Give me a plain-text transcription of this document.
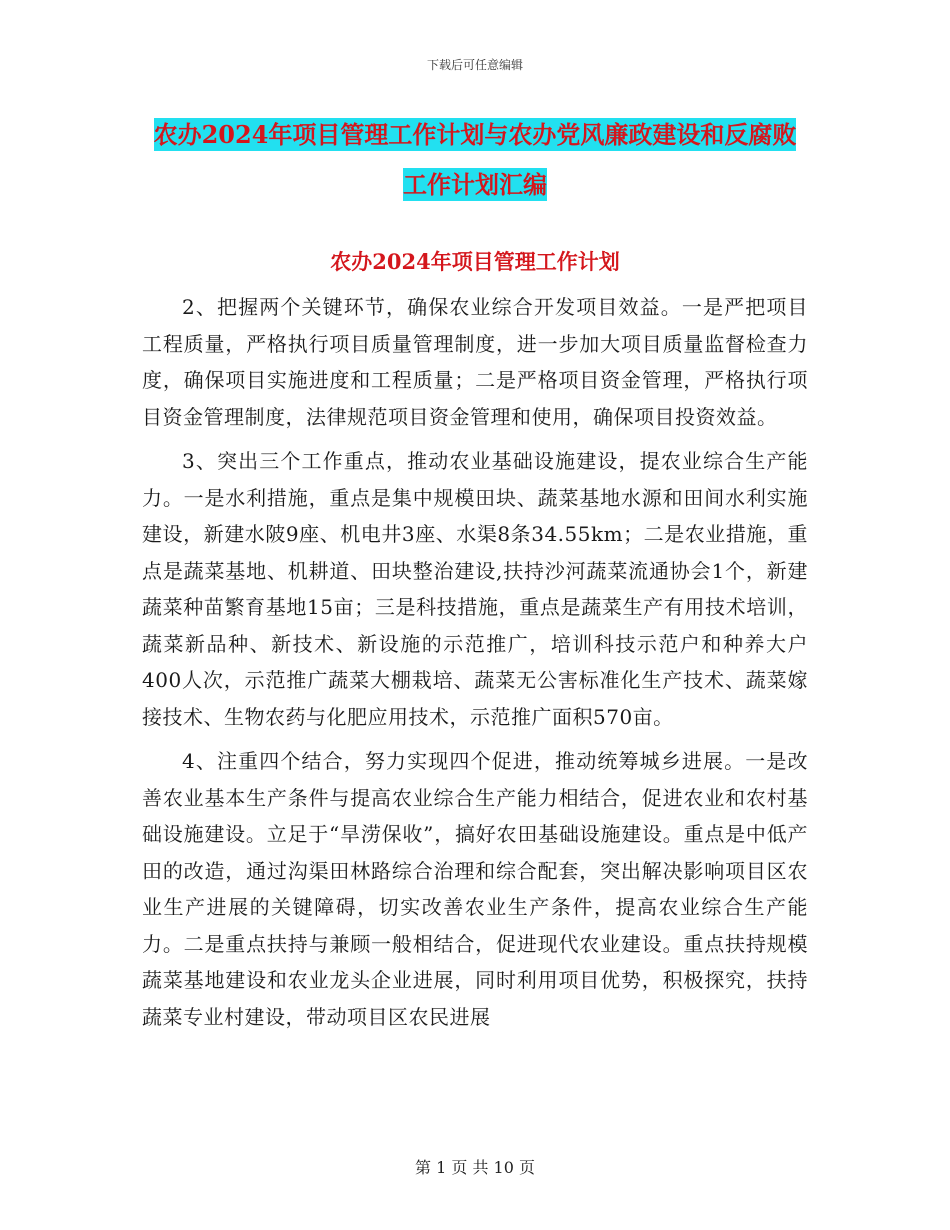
下载后可任意编辑
农办2024年项目管理工作计划与农办党风廉政建设和反腐败工作计划汇编
农办2024年项目管理工作计划

2、把握两个关键环节，确保农业综合开发项目效益。一是严把项目工程质量，严格执行项目质量管理制度，进一步加大项目质量监督检查力度，确保项目实施进度和工程质量；二是严格项目资金管理，严格执行项目资金管理制度，法律规范项目资金管理和使用，确保项目投资效益。

3、突出三个工作重点，推动农业基础设施建设，提农业综合生产能力。一是水利措施，重点是集中规模田块、蔬菜基地水源和田间水利实施建设，新建水陂9座、机电井3座、水渠8条34.55km；二是农业措施，重点是蔬菜基地、机耕道、田块整治建设,扶持沙河蔬菜流通协会1个，新建蔬菜种苗繁育基地15亩；三是科技措施，重点是蔬菜生产有用技术培训，蔬菜新品种、新技术、新设施的示范推广，培训科技示范户和种养大户400人次，示范推广蔬菜大棚栽培、蔬菜无公害标准化生产技术、蔬菜嫁接技术、生物农药与化肥应用技术，示范推广面积570亩。

4、注重四个结合，努力实现四个促进，推动统筹城乡进展。一是改善农业基本生产条件与提高农业综合生产能力相结合，促进农业和农村基础设施建设。立足于“旱涝保收”，搞好农田基础设施建设。重点是中低产田的改造，通过沟渠田林路综合治理和综合配套，突出解决影响项目区农业生产进展的关键障碍，切实改善农业生产条件，提高农业综合生产能力。二是重点扶持与兼顾一般相结合，促进现代农业建设。重点扶持规模蔬菜基地建设和农业龙头企业进展，同时利用项目优势，积极探究，扶持蔬菜专业村建设，带动项目区农民进展

第 1 页 共 10 页
